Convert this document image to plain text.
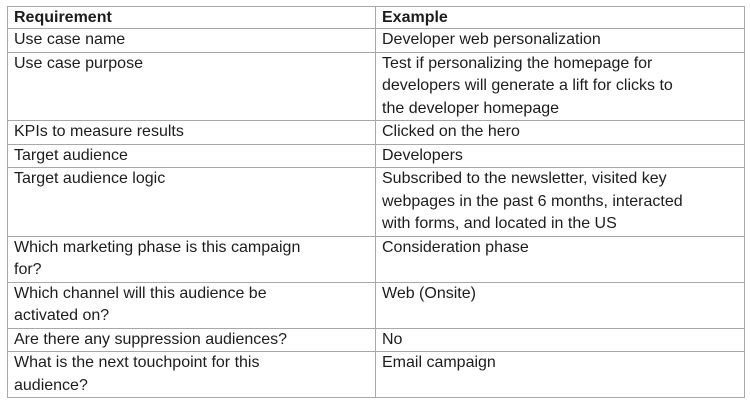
Requirement	Example
Use case name	Developer web personalization
Use case purpose	Test if personalizing the homepage for developers will generate a lift for clicks to the developer homepage
KPIs to measure results	Clicked on the hero
Target audience	Developers
Target audience logic	Subscribed to the newsletter, visited key webpages in the past 6 months, interacted with forms, and located in the US
Which marketing phase is this campaign for?	Consideration phase
Which channel will this audience be activated on?	Web (Onsite)
Are there any suppression audiences?	No
What is the next touchpoint for this audience?	Email campaign
